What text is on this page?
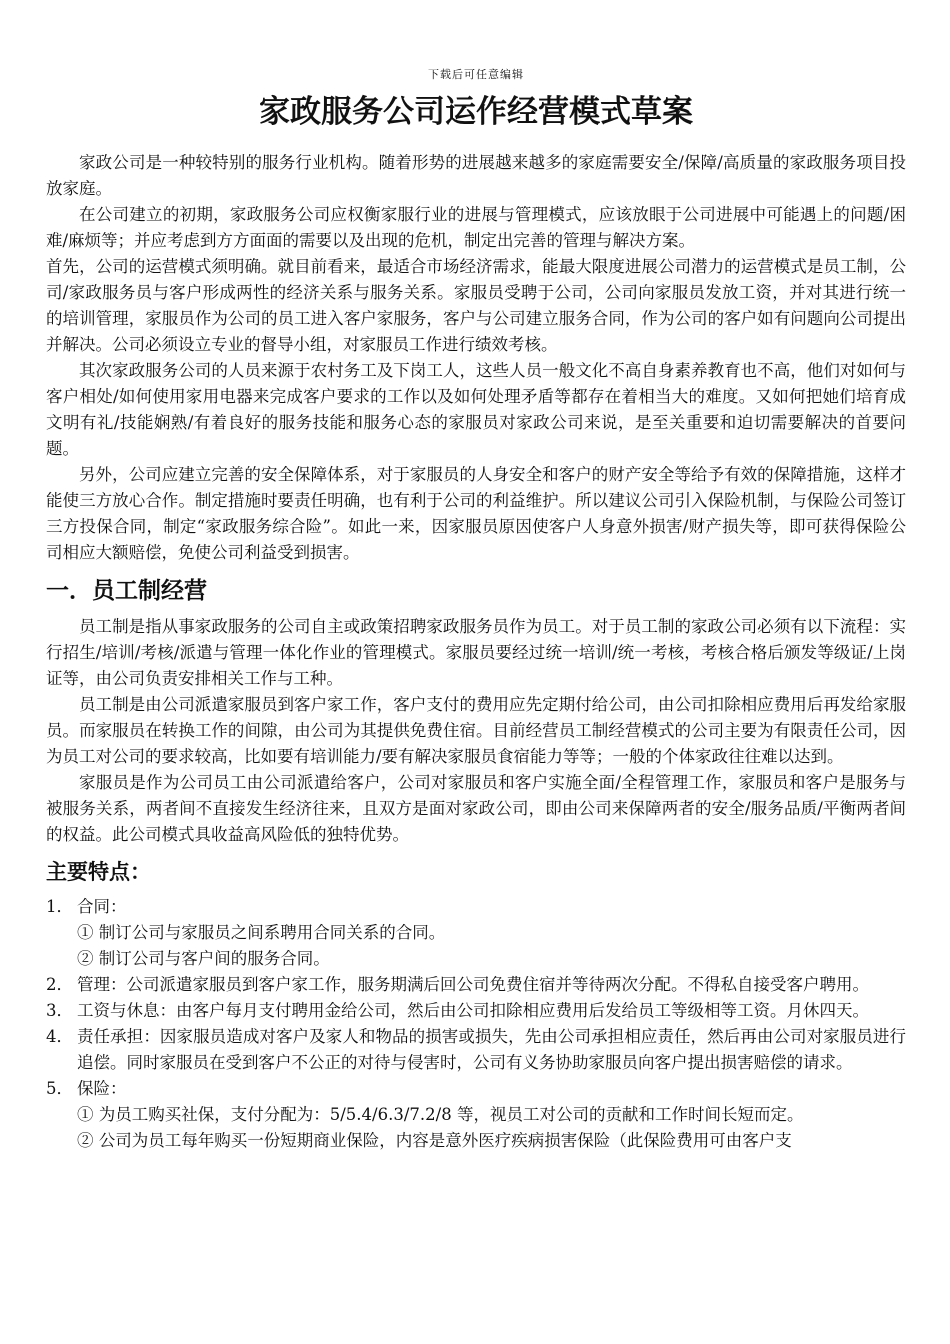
下载后可任意编辑
家政服务公司运作经营模式草案

家政公司是一种较特别的服务行业机构。随着形势的进展越来越多的家庭需要安全/保障/高质量的家政服务项目投放家庭。

在公司建立的初期，家政服务公司应权衡家服行业的进展与管理模式，应该放眼于公司进展中可能遇上的问题/困难/麻烦等；并应考虑到方方面面的需要以及出现的危机，制定出完善的管理与解决方案。

首先，公司的运营模式须明确。就目前看来，最适合市场经济需求，能最大限度进展公司潜力的运营模式是员工制，公司/家政服务员与客户形成两性的经济关系与服务关系。家服员受聘于公司，公司向家服员发放工资，并对其进行统一的培训管理，家服员作为公司的员工进入客户家服务，客户与公司建立服务合同，作为公司的客户如有问题向公司提出并解决。公司必须设立专业的督导小组，对家服员工作进行绩效考核。

其次家政服务公司的人员来源于农村务工及下岗工人，这些人员一般文化不高自身素养教育也不高，他们对如何与客户相处/如何使用家用电器来完成客户要求的工作以及如何处理矛盾等都存在着相当大的难度。又如何把她们培育成文明有礼/技能娴熟/有着良好的服务技能和服务心态的家服员对家政公司来说，是至关重要和迫切需要解决的首要问题。

另外，公司应建立完善的安全保障体系，对于家服员的人身安全和客户的财产安全等给予有效的保障措施，这样才能使三方放心合作。制定措施时要责任明确，也有利于公司的利益维护。所以建议公司引入保险机制，与保险公司签订三方投保合同，制定“家政服务综合险”。如此一来，因家服员原因使客户人身意外损害/财产损失等，即可获得保险公司相应大额赔偿，免使公司利益受到损害。

一．员工制经营

员工制是指从事家政服务的公司自主或政策招聘家政服务员作为员工。对于员工制的家政公司必须有以下流程：实行招生/培训/考核/派遣与管理一体化作业的管理模式。家服员要经过统一培训/统一考核，考核合格后颁发等级证/上岗证等，由公司负责安排相关工作与工种。

员工制是由公司派遣家服员到客户家工作，客户支付的费用应先定期付给公司，由公司扣除相应费用后再发给家服员。而家服员在转换工作的间隙，由公司为其提供免费住宿。目前经营员工制经营模式的公司主要为有限责任公司，因为员工对公司的要求较高，比如要有培训能力/要有解决家服员食宿能力等等；一般的个体家政往往难以达到。

家服员是作为公司员工由公司派遣给客户，公司对家服员和客户实施全面/全程管理工作，家服员和客户是服务与被服务关系，两者间不直接发生经济往来，且双方是面对家政公司，即由公司来保障两者的安全/服务品质/平衡两者间的权益。此公司模式具收益高风险低的独特优势。

主要特点：
1． 合同：
① 制订公司与家服员之间系聘用合同关系的合同。
② 制订公司与客户间的服务合同。
2． 管理：公司派遣家服员到客户家工作，服务期满后回公司免费住宿并等待两次分配。不得私自接受客户聘用。
3． 工资与休息：由客户每月支付聘用金给公司，然后由公司扣除相应费用后发给员工等级相等工资。月休四天。
4． 责任承担：因家服员造成对客户及家人和物品的损害或损失，先由公司承担相应责任，然后再由公司对家服员进行追偿。同时家服员在受到客户不公正的对待与侵害时，公司有义务协助家服员向客户提出损害赔偿的请求。
5． 保险：
① 为员工购买社保，支付分配为：5/5.4/6.3/7.2/8 等，视员工对公司的贡献和工作时间长短而定。
② 公司为员工每年购买一份短期商业保险，内容是意外医疗疾病损害保险（此保险费用可由客户支
